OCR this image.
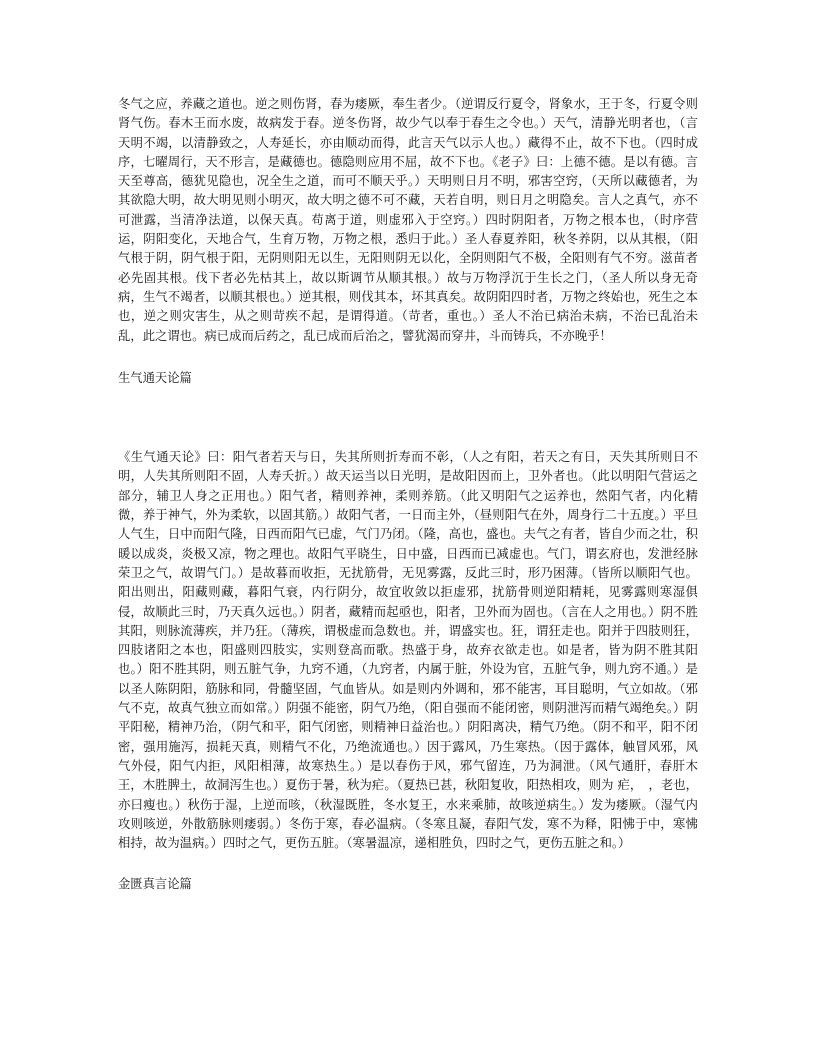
冬气之应，养藏之道也。逆之则伤肾，春为痿厥，奉生者少。（逆谓反行夏令，肾象水，王于冬，行夏令则肾气伤。春木王而水废，故病发于春。逆冬伤肾，故少气以奉于春生之令也。）天气，清静光明者也，（言天明不竭，以清静致之，人寿延长，亦由顺动而得，此言天气以示人也。）藏得不止，故不下也。（四时成序，七曜周行，天不形言，是藏德也。德隐则应用不屈，故不下也。《老子》曰：上德不德。是以有德。言天至尊高，德犹见隐也，况全生之道，而可不顺天乎。）天明则日月不明，邪害空窍，（天所以藏德者，为其欲隐大明，故大明见则小明灭，故大明之德不可不藏，天若自明，则日月之明隐矣。言人之真气，亦不可泄露，当清净法道，以保天真。苟离于道，则虚邪入于空窍。）四时阴阳者，万物之根本也，（时序营运，阴阳变化，天地合气，生育万物，万物之根，悉归于此。）圣人春夏养阳，秋冬养阴，以从其根，（阳气根于阴，阴气根于阳，无阴则阳无以生，无阳则阴无以化，全阴则阳气不极，全阳则有气不穷。滋苗者必先固其根。伐下者必先枯其上，故以斯调节从顺其根。）故与万物浮沉于生长之门，（圣人所以身无奇病，生气不竭者，以顺其根也。）逆其根，则伐其本，坏其真矣。故阴阳四时者，万物之终始也，死生之本也，逆之则灾害生，从之则苛疾不起，是谓得道。（苛者，重也。）圣人不治已病治未病，不治已乱治未乱，此之谓也。病已成而后药之，乱已成而后治之，譬犹渴而穿井，斗而铸兵，不亦晚乎！

生气通天论篇

《生气通天论》曰：阳气者若天与日，失其所则折寿而不彰，（人之有阳，若天之有日，天失其所则日不明，人失其所则阳不固，人寿夭折。）故天运当以日光明，是故阳因而上，卫外者也。（此以明阳气营运之部分，辅卫人身之正用也。）阳气者，精则养神，柔则养筋。（此又明阳气之运养也，然阳气者，内化精微，养于神气，外为柔软，以固其筋。）故阳气者，一日而主外，（昼则阳气在外，周身行二十五度。）平旦人气生，日中而阳气隆，日西而阳气已虚，气门乃闭。（隆，高也，盛也。夫气之有者，皆自少而之壮，积暖以成炎，炎极又凉，物之理也。故阳气平晓生，日中盛，日西而已减虚也。气门，谓玄府也，发泄经脉荣卫之气，故谓气门。）是故暮而收拒，无扰筋骨，无见雾露，反此三时，形乃困薄。（皆所以顺阳气也。阳出则出，阳藏则藏，暮阳气衰，内行阴分，故宜收敛以拒虚邪，扰筋骨则逆阳精耗，见雾露则寒湿俱侵，故顺此三时，乃天真久远也。）阴者，藏精而起亟也，阳者，卫外而为固也。（言在人之用也。）阴不胜其阳，则脉流薄疾，并乃狂。（薄疾，谓极虚而急数也。并，谓盛实也。狂，谓狂走也。阳并于四肢则狂，四肢诸阳之本也，阳盛则四肢实，实则登高而歌。热盛于身，故弃衣欲走也。如是者，皆为阴不胜其阳也。）阳不胜其阴，则五脏气争，九窍不通，（九窍者，内属于脏，外设为官，五脏气争，则九窍不通。）是以圣人陈阴阳，筋脉和同，骨髓坚固，气血皆从。如是则内外调和，邪不能害，耳目聪明，气立如故。（邪气不克，故真气独立而如常。）阴强不能密，阴气乃绝，（阳自强而不能闭密，则阴泄泻而精气竭绝矣。）阴平阳秘，精神乃治，（阴气和平，阳气闭密，则精神日益治也。）阴阳离决，精气乃绝。（阴不和平，阳不闭密，强用施泻，损耗天真，则精气不化，乃绝流通也。）因于露风，乃生寒热。（因于露体，触冒风邪，风气外侵，阳气内拒，风阳相薄，故寒热生。）是以春伤于风，邪气留连，乃为洞泄。（风气通肝，春肝木王，木胜脾土，故洞泻生也。）夏伤于暑，秋为疟。（夏热已甚，秋阳复收，阳热相攻，则为 疟，　，老也，亦曰瘦也。）秋伤于湿，上逆而咳，（秋湿既胜，冬水复王，水来乘肺，故咳逆病生。）发为痿厥。（湿气内攻则咳逆，外散筋脉则痿弱。）冬伤于寒，春必温病。（冬寒且凝，春阳气发，寒不为释，阳怫于中，寒怫相持，故为温病。）四时之气，更伤五脏。（寒暑温凉，递相胜负，四时之气，更伤五脏之和。）

金匮真言论篇
